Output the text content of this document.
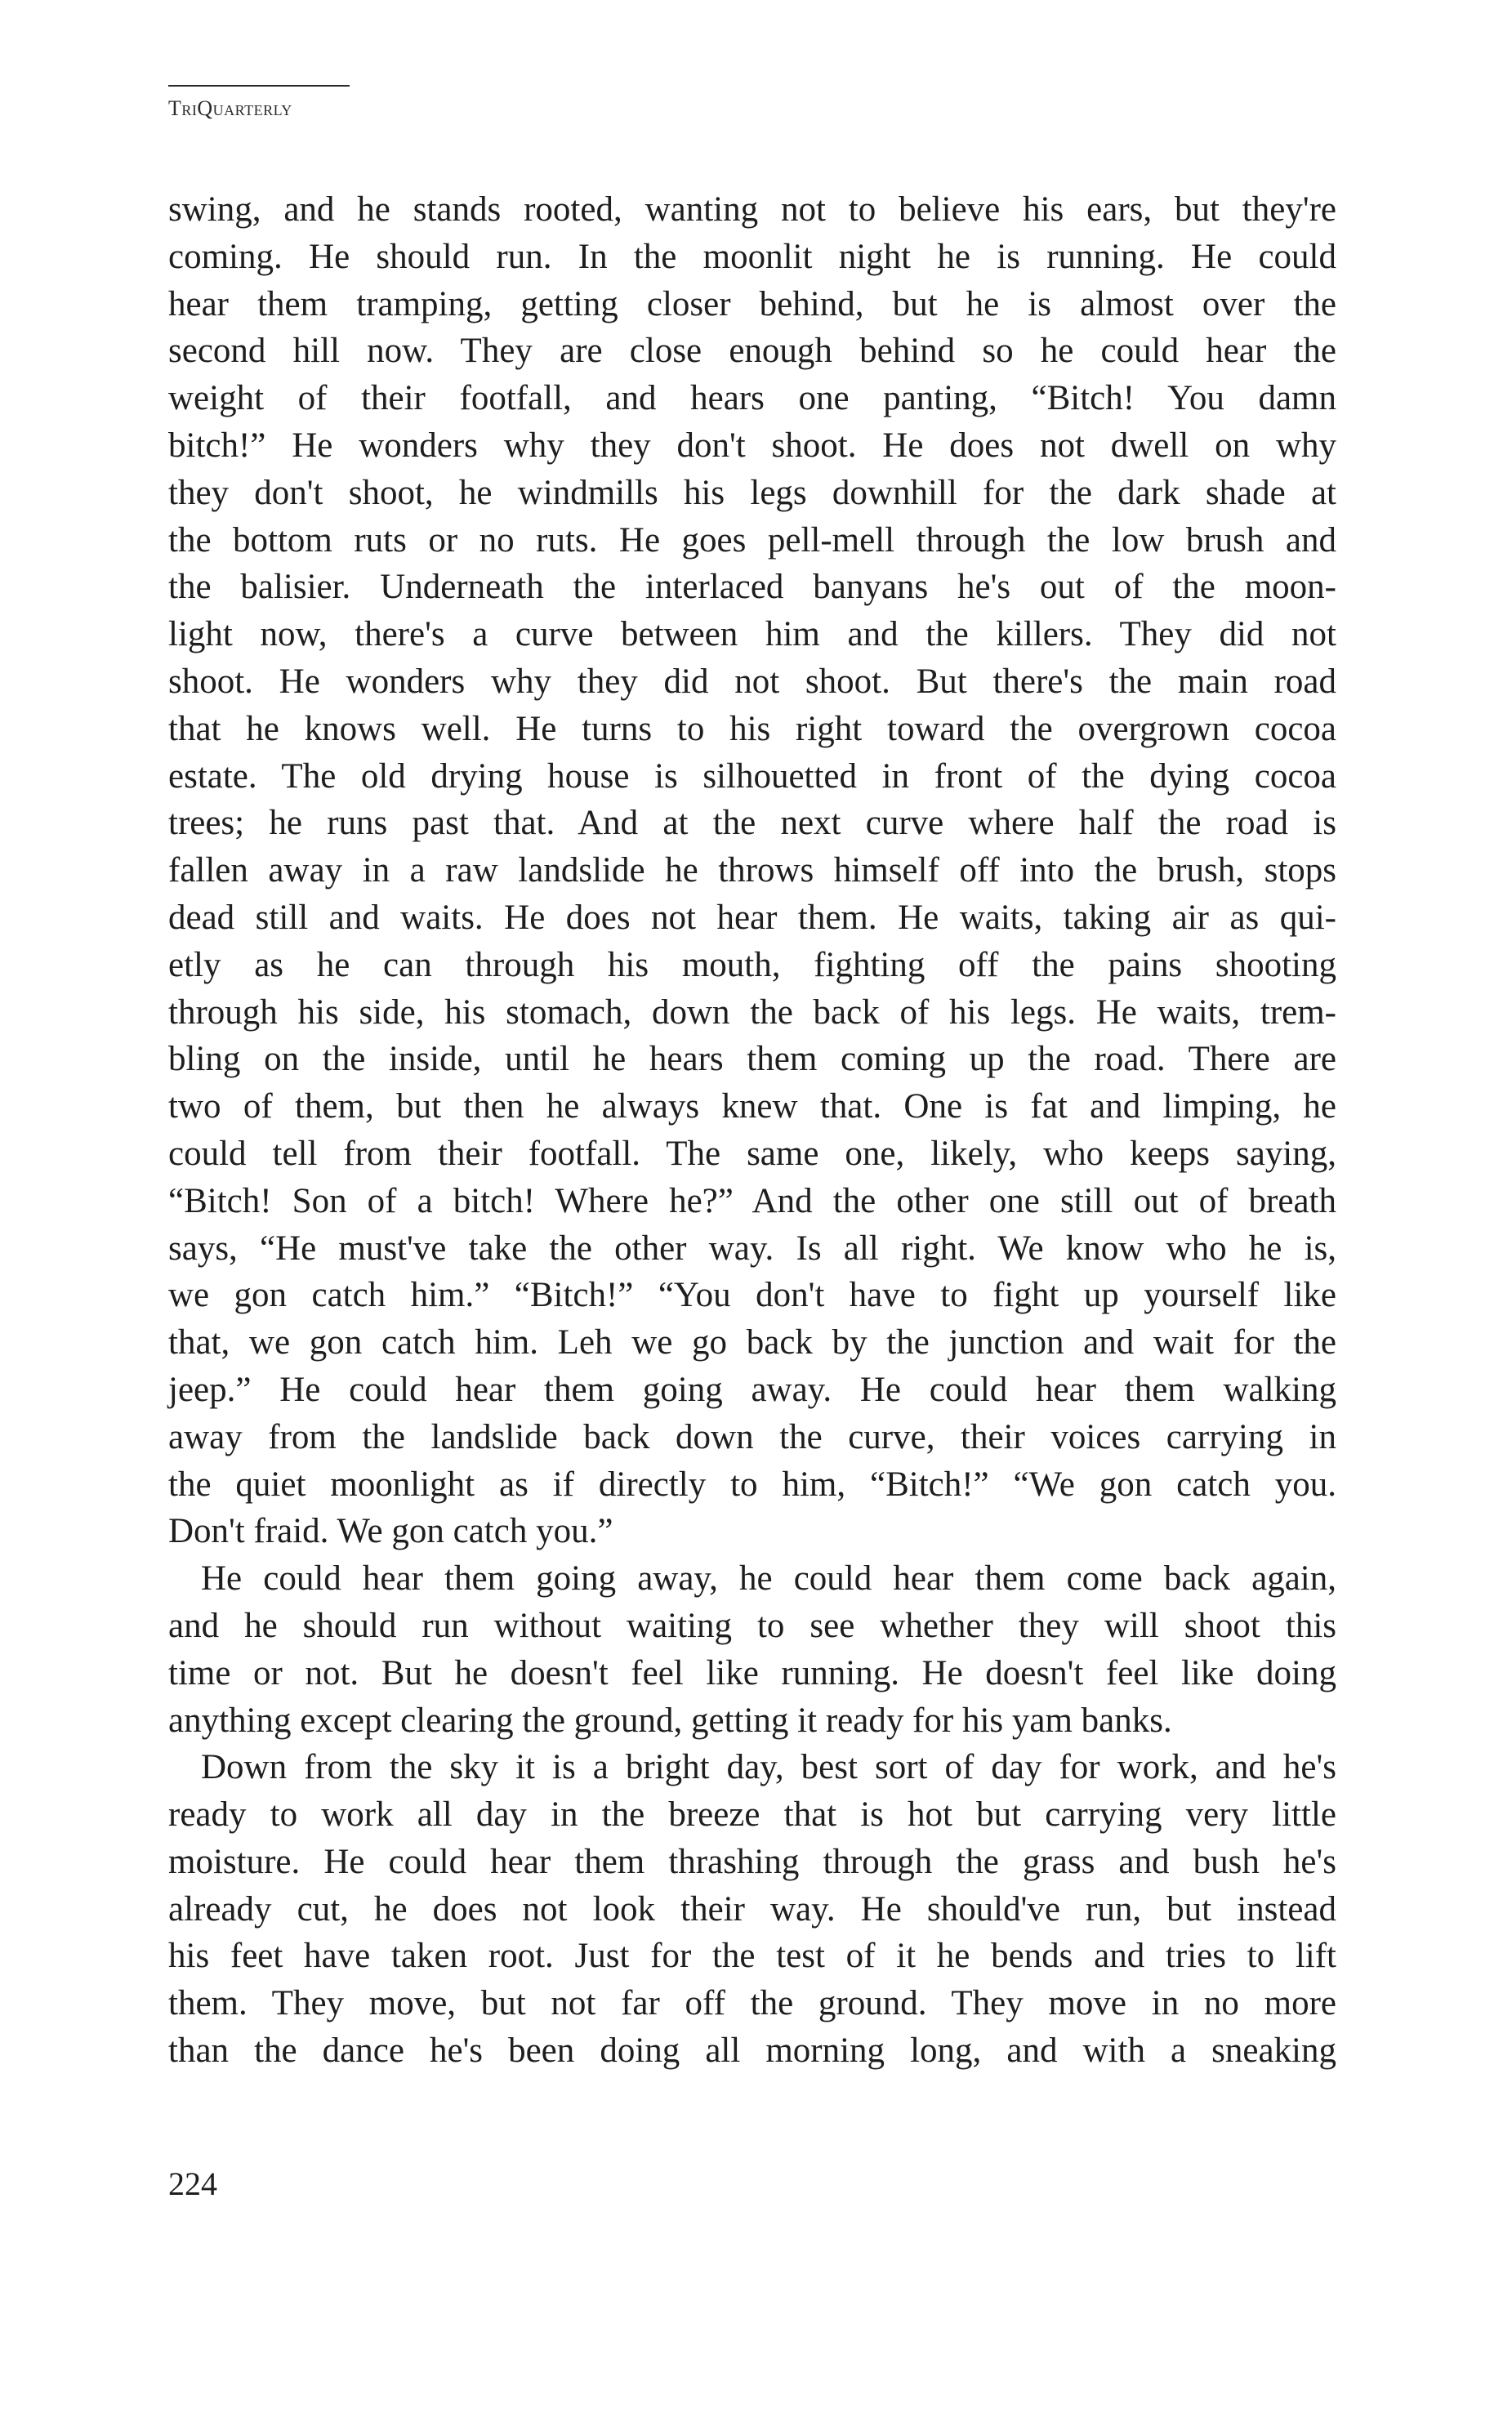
TriQuarterly
swing, and he stands rooted, wanting not to believe his ears, but they're
coming. He should run. In the moonlit night he is running. He could
hear them tramping, getting closer behind, but he is almost over the
second hill now. They are close enough behind so he could hear the
weight of their footfall, and hears one panting, “Bitch! You damn
bitch!” He wonders why they don't shoot. He does not dwell on why
they don't shoot, he windmills his legs downhill for the dark shade at
the bottom ruts or no ruts. He goes pell-mell through the low brush and
the balisier. Underneath the interlaced banyans he's out of the moon-
light now, there's a curve between him and the killers. They did not
shoot. He wonders why they did not shoot. But there's the main road
that he knows well. He turns to his right toward the overgrown cocoa
estate. The old drying house is silhouetted in front of the dying cocoa
trees; he runs past that. And at the next curve where half the road is
fallen away in a raw landslide he throws himself off into the brush, stops
dead still and waits. He does not hear them. He waits, taking air as qui-
etly as he can through his mouth, fighting off the pains shooting
through his side, his stomach, down the back of his legs. He waits, trem-
bling on the inside, until he hears them coming up the road. There are
two of them, but then he always knew that. One is fat and limping, he
could tell from their footfall. The same one, likely, who keeps saying,
“Bitch! Son of a bitch! Where he?” And the other one still out of breath
says, “He must've take the other way. Is all right. We know who he is,
we gon catch him.” “Bitch!” “You don't have to fight up yourself like
that, we gon catch him. Leh we go back by the junction and wait for the
jeep.” He could hear them going away. He could hear them walking
away from the landslide back down the curve, their voices carrying in
the quiet moonlight as if directly to him, “Bitch!” “We gon catch you.
Don't fraid. We gon catch you.”
He could hear them going away, he could hear them come back again,
and he should run without waiting to see whether they will shoot this
time or not. But he doesn't feel like running. He doesn't feel like doing
anything except clearing the ground, getting it ready for his yam banks.
Down from the sky it is a bright day, best sort of day for work, and he's
ready to work all day in the breeze that is hot but carrying very little
moisture. He could hear them thrashing through the grass and bush he's
already cut, he does not look their way. He should've run, but instead
his feet have taken root. Just for the test of it he bends and tries to lift
them. They move, but not far off the ground. They move in no more
than the dance he's been doing all morning long, and with a sneaking
224
